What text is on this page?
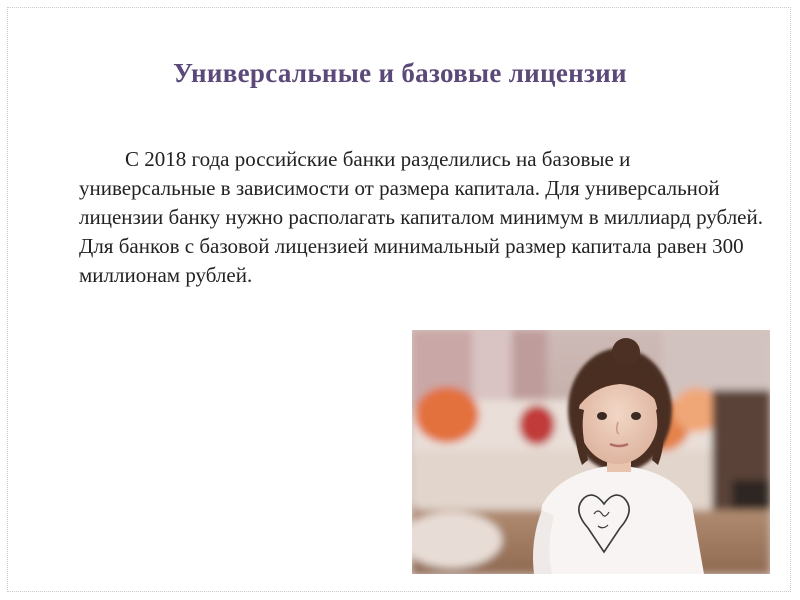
Универсальные и базовые лицензии

С 2018 года российские банки разделились на базовые и универсальные в зависимости от размера капитала. Для универсальной лицензии банку нужно располагать капиталом минимум в миллиард рублей. Для банков с базовой лицензией минимальный размер капитала равен 300 миллионам рублей.
